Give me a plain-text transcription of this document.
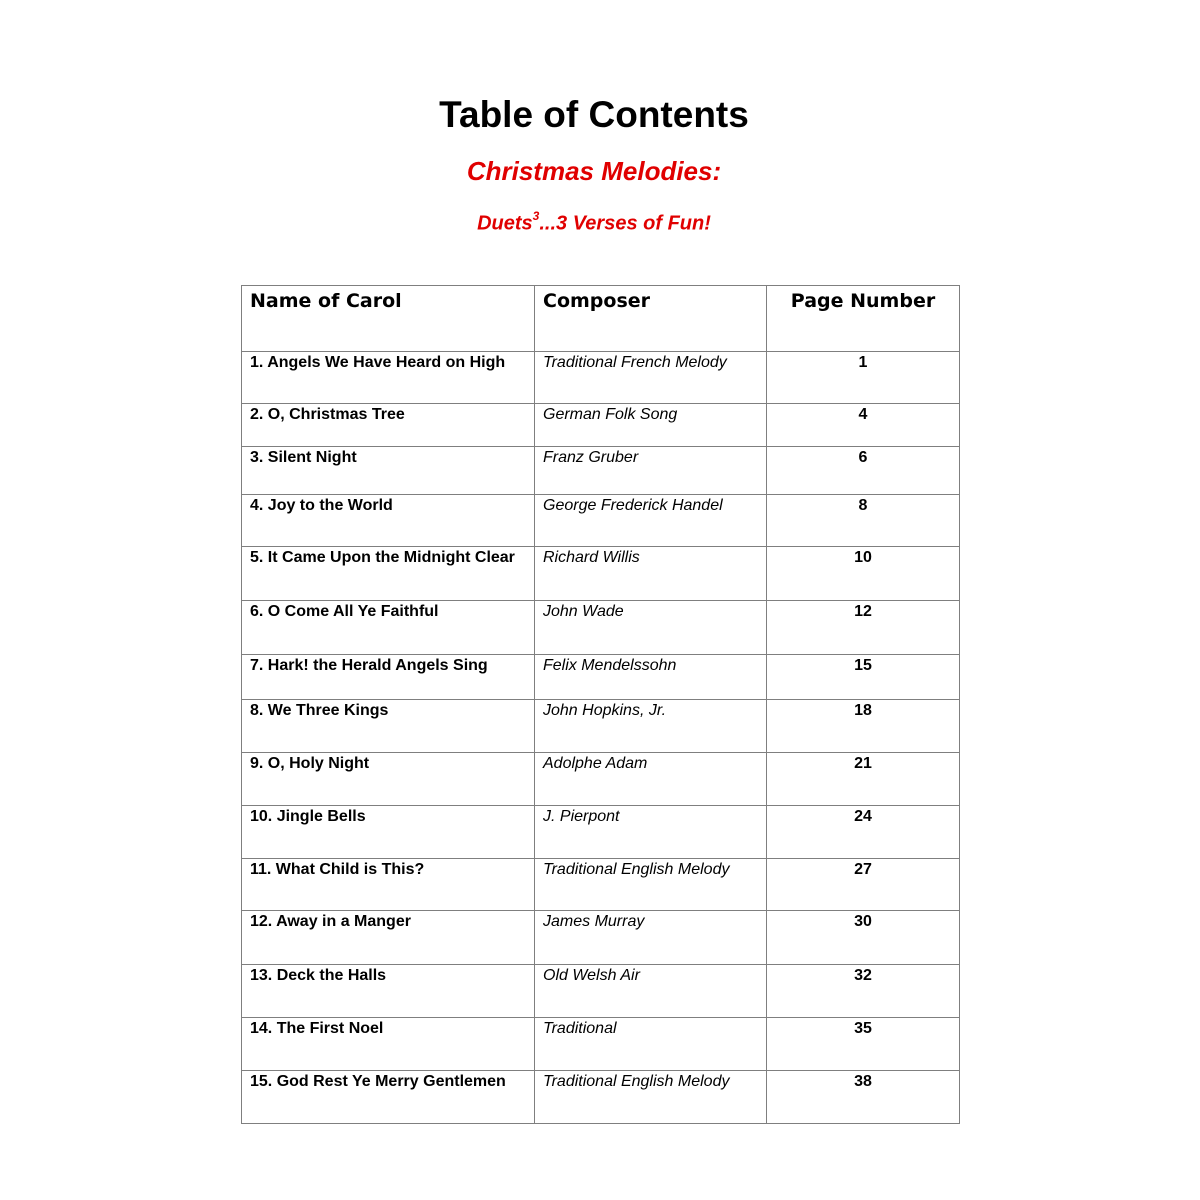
Table of Contents
Christmas Melodies:
Duets$^3$...3 Verses of Fun!
Name of Carol	Composer	Page Number
1. Angels We Have Heard on High	Traditional French Melody	1
2. O, Christmas Tree	German Folk Song	4
3. Silent Night	Franz Gruber	6
4. Joy to the World	George Frederick Handel	8
5. It Came Upon the Midnight Clear	Richard Willis	10
6. O Come All Ye Faithful	John Wade	12
7. Hark! the Herald Angels Sing	Felix Mendelssohn	15
8. We Three Kings	John Hopkins, Jr.	18
9. O, Holy Night	Adolphe Adam	21
10. Jingle Bells	J. Pierpont	24
11. What Child is This?	Traditional English Melody	27
12. Away in a Manger	James Murray	30
13. Deck the Halls	Old Welsh Air	32
14. The First Noel	Traditional	35
15. God Rest Ye Merry Gentlemen	Traditional English Melody	38
